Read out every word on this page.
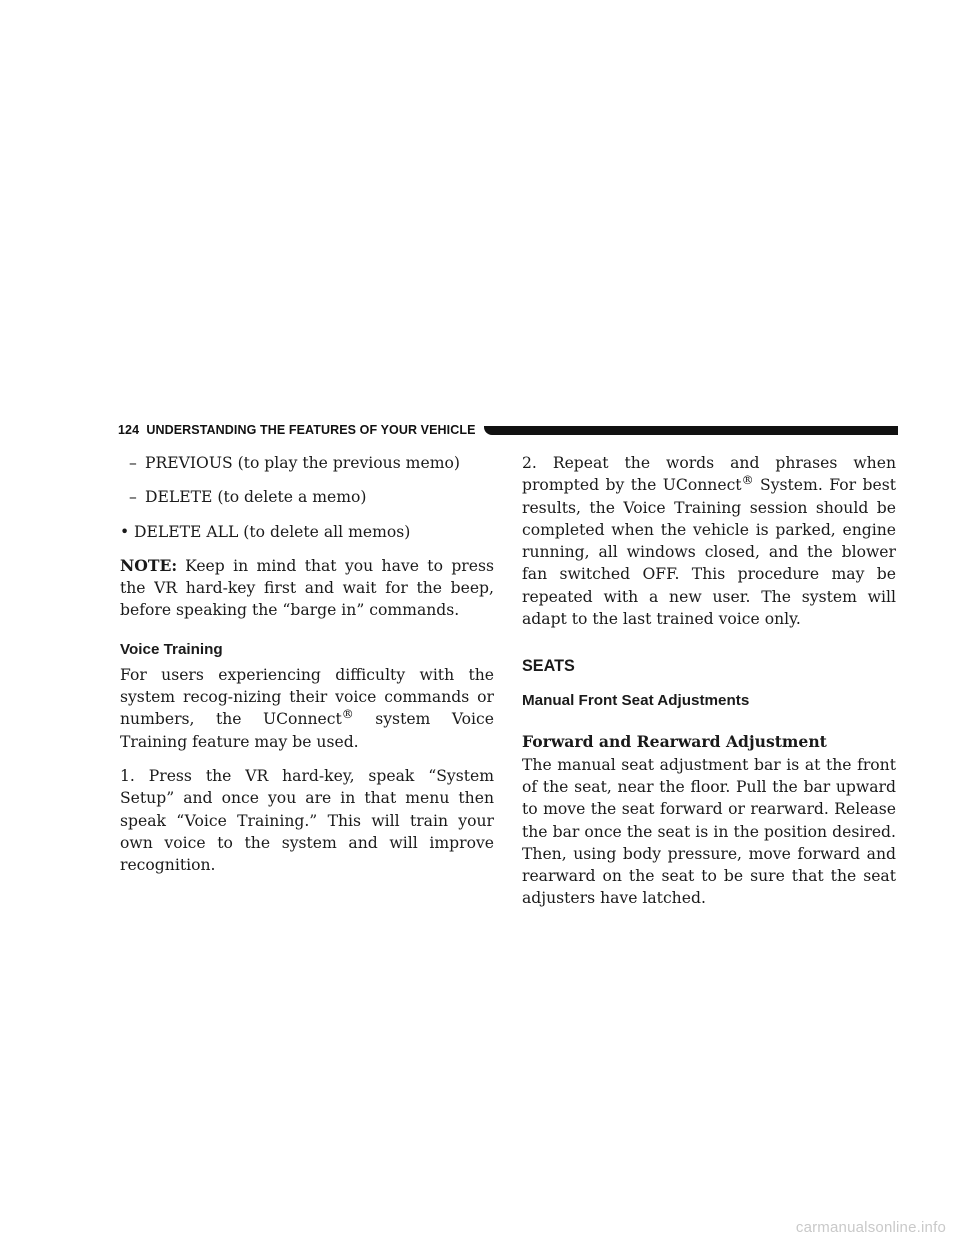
124 UNDERSTANDING THE FEATURES OF YOUR VEHICLE

– PREVIOUS (to play the previous memo)

– DELETE (to delete a memo)

• DELETE ALL (to delete all memos)

NOTE: Keep in mind that you have to press the VR hard-key first and wait for the beep, before speaking the “barge in” commands.

Voice Training

For users experiencing difficulty with the system recog-nizing their voice commands or numbers, the UConnect® system Voice Training feature may be used.

1. Press the VR hard-key, speak “System Setup” and once you are in that menu then speak “Voice Training.” This will train your own voice to the system and will improve recognition.

2. Repeat the words and phrases when prompted by the UConnect® System. For best results, the Voice Training session should be completed when the vehicle is parked, engine running, all windows closed, and the blower fan switched OFF. This procedure may be repeated with a new user. The system will adapt to the last trained voice only.

SEATS
Manual Front Seat Adjustments

Forward and Rearward Adjustment
The manual seat adjustment bar is at the front of the seat, near the floor. Pull the bar upward to move the seat forward or rearward. Release the bar once the seat is in the position desired. Then, using body pressure, move forward and rearward on the seat to be sure that the seat adjusters have latched.

carmanualsonline.info
